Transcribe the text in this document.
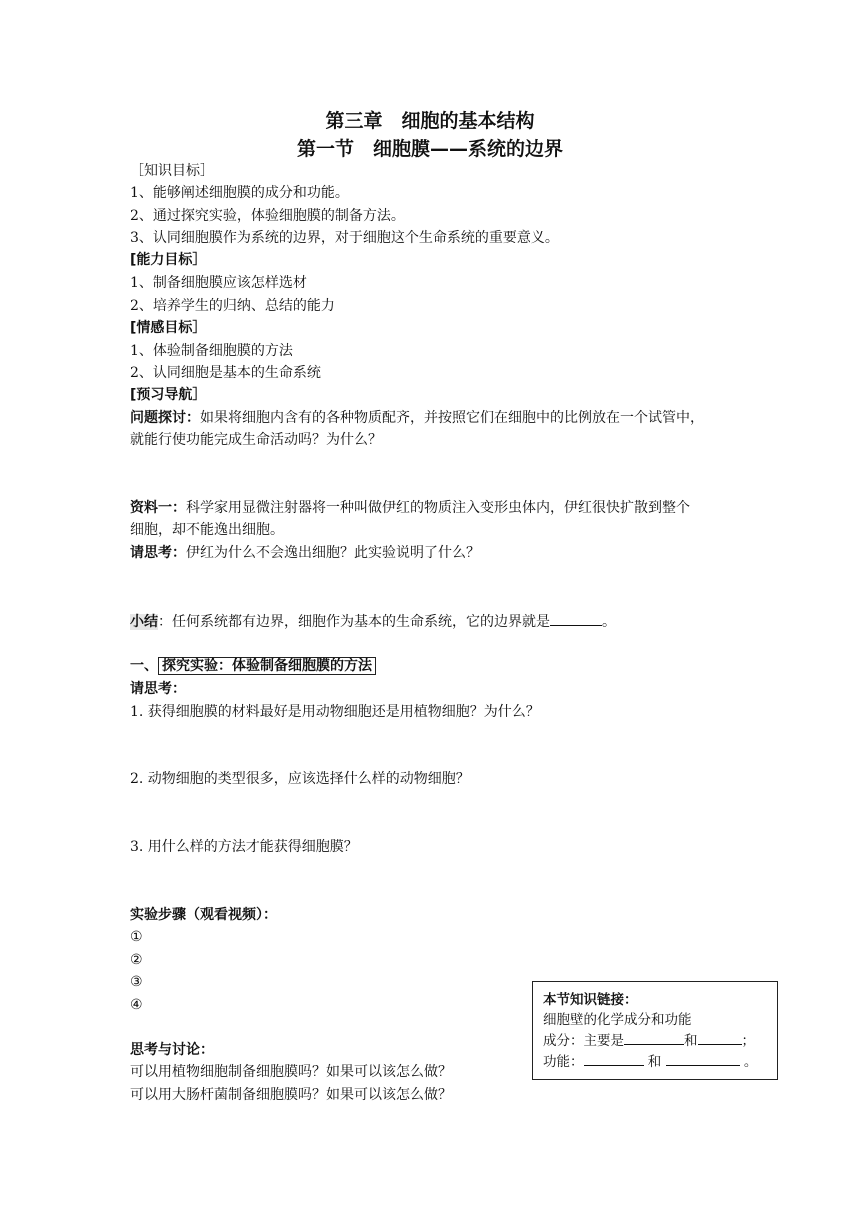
第三章　细胞的基本结构
第一节　细胞膜——系统的边界
［知识目标］
1、能够阐述细胞膜的成分和功能。
2、通过探究实验，体验细胞膜的制备方法。
3、认同细胞膜作为系统的边界，对于细胞这个生命系统的重要意义。
[能力目标］
1、制备细胞膜应该怎样选材
2、培养学生的归纳、总结的能力
[情感目标］
1、体验制备细胞膜的方法
2、认同细胞是基本的生命系统
[预习导航］
问题探讨：如果将细胞内含有的各种物质配齐，并按照它们在细胞中的比例放在一个试管中，
就能行使功能完成生命活动吗？为什么？
资料一：科学家用显微注射器将一种叫做伊红的物质注入变形虫体内，伊红很快扩散到整个
细胞，却不能逸出细胞。
请思考：伊红为什么不会逸出细胞？此实验说明了什么？
小结：任何系统都有边界，细胞作为基本的生命系统，它的边界就是	。
一、 探究实验：体验制备细胞膜的方法
请思考：
1. 获得细胞膜的材料最好是用动物细胞还是用植物细胞？为什么？
2. 动物细胞的类型很多，应该选择什么样的动物细胞？
3. 用什么样的方法才能获得细胞膜？
实验步骤（观看视频）：
①
②
③
④
思考与讨论：
可以用植物细胞制备细胞膜吗？如果可以该怎么做？
可以用大肠杆菌制备细胞膜吗？如果可以该怎么做？
本节知识链接：
细胞壁的化学成分和功能
成分：主要是	和	；
功能：	和	。
